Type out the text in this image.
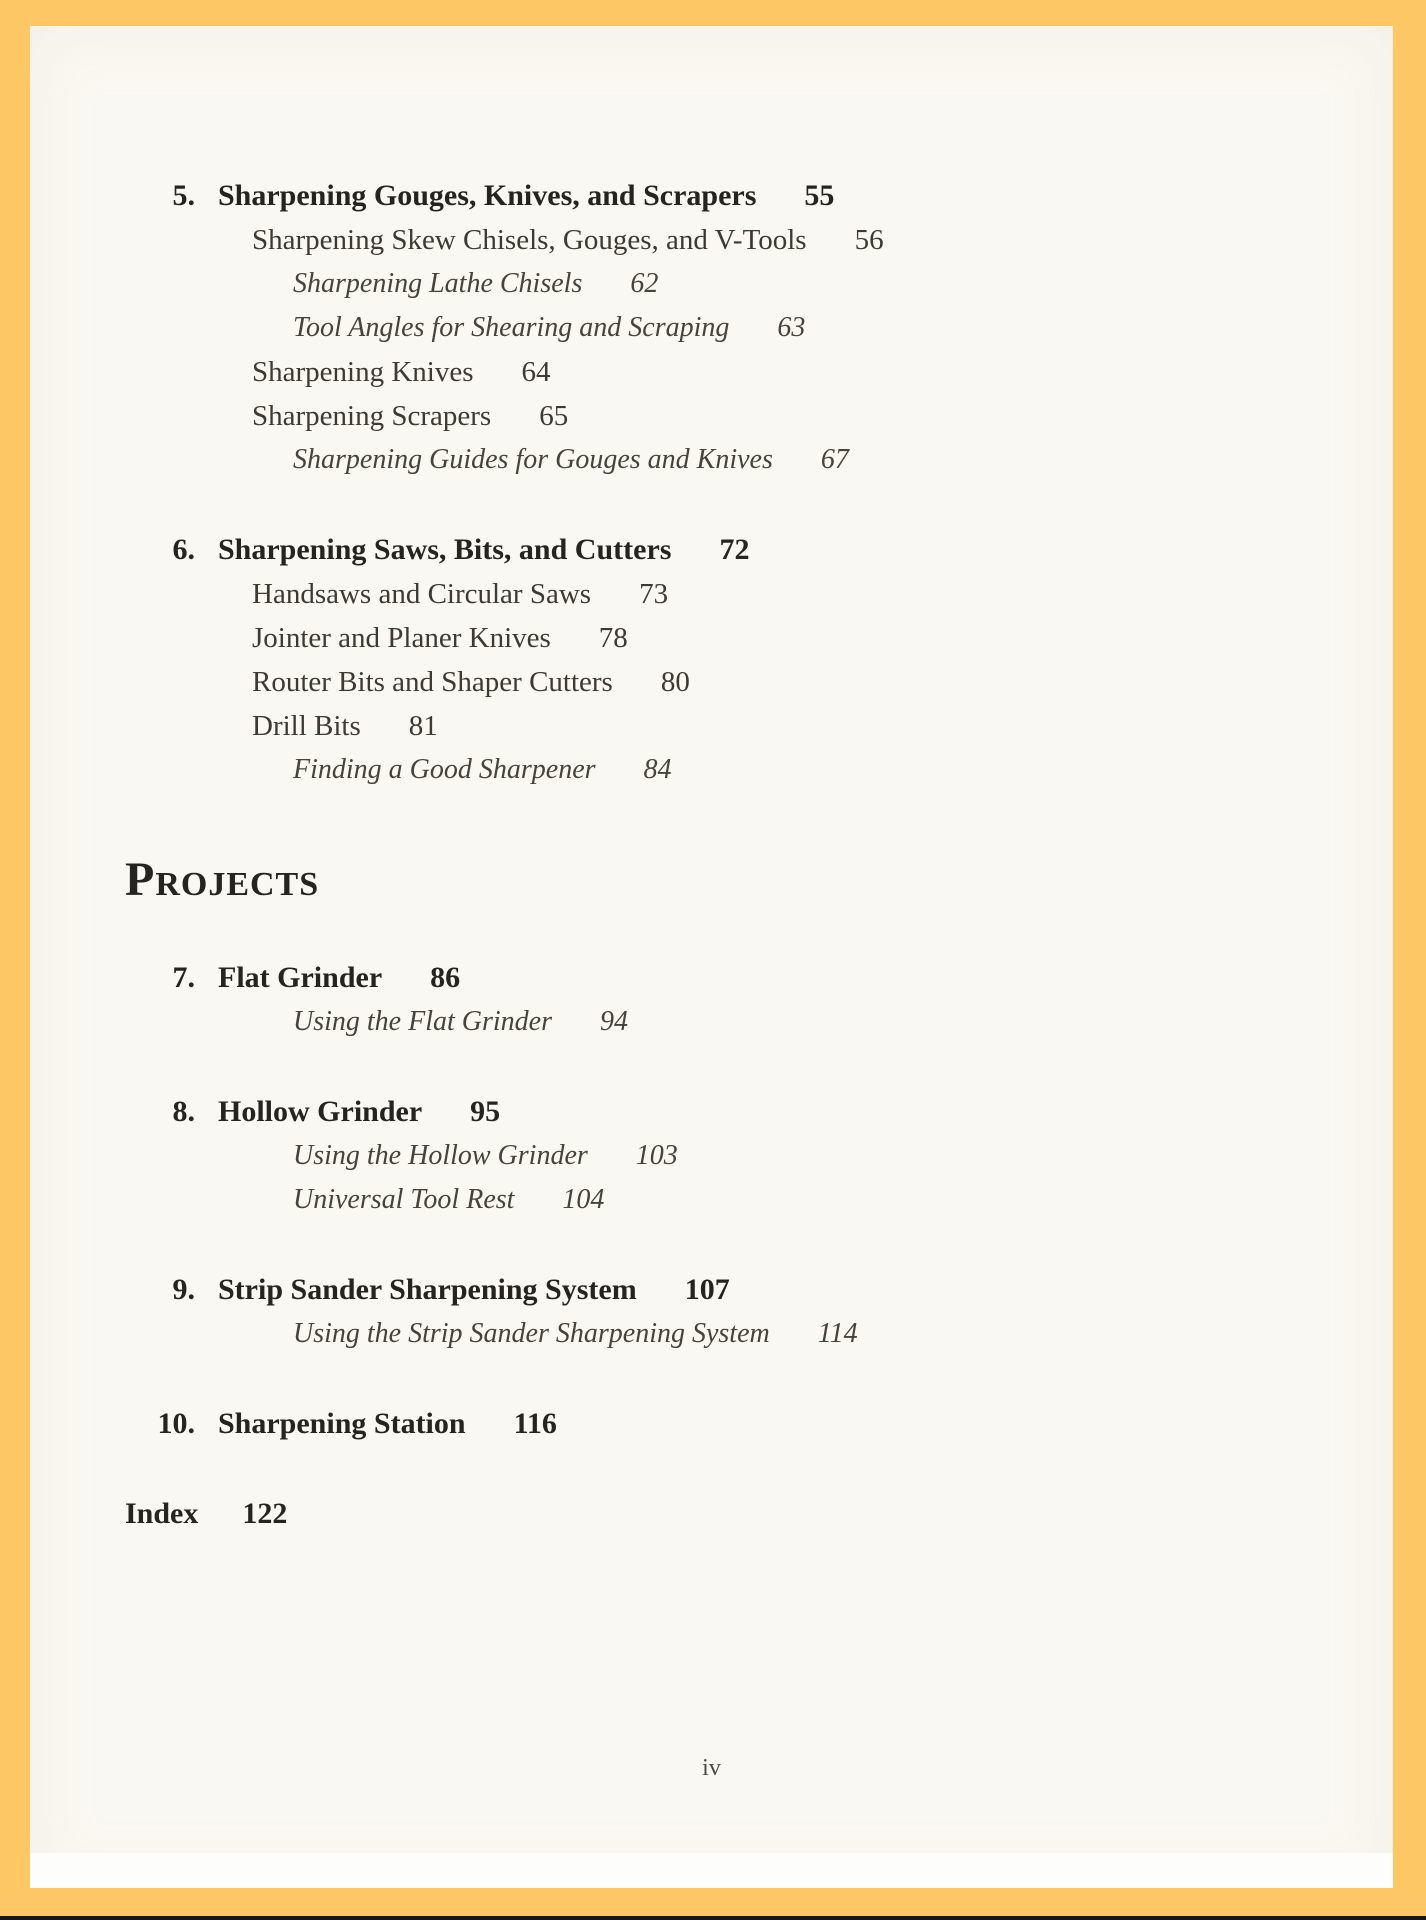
5. Sharpening Gouges, Knives, and Scrapers 55
Sharpening Skew Chisels, Gouges, and V-Tools 56
Sharpening Lathe Chisels 62
Tool Angles for Shearing and Scraping 63
Sharpening Knives 64
Sharpening Scrapers 65
Sharpening Guides for Gouges and Knives 67
6. Sharpening Saws, Bits, and Cutters 72
Handsaws and Circular Saws 73
Jointer and Planer Knives 78
Router Bits and Shaper Cutters 80
Drill Bits 81
Finding a Good Sharpener 84
Projects
7. Flat Grinder 86
Using the Flat Grinder 94
8. Hollow Grinder 95
Using the Hollow Grinder 103
Universal Tool Rest 104
9. Strip Sander Sharpening System 107
Using the Strip Sander Sharpening System 114
10. Sharpening Station 116
Index 122
iv
